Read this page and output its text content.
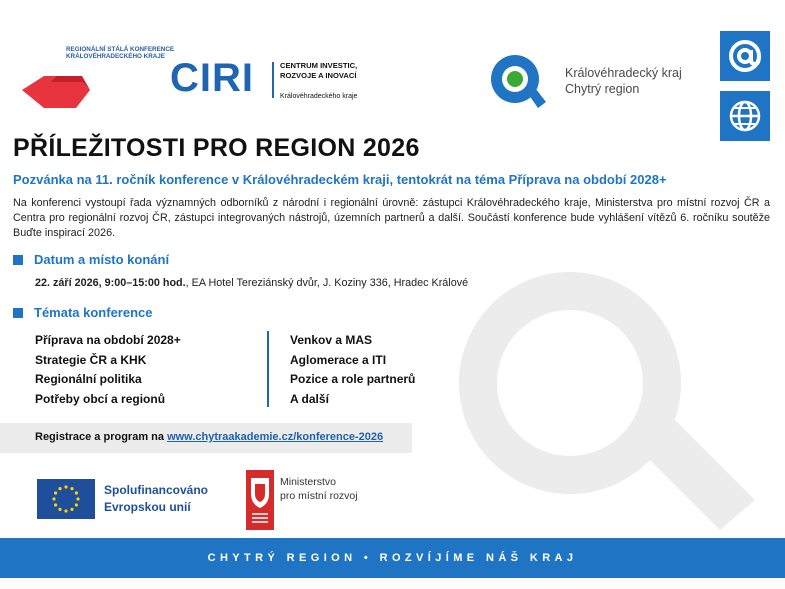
REGIONÁLNÍ STÁLÁ KONFERENCE KRÁLOVÉHRADECKÉHO KRAJE CIRI	CENTRUM INVESTIC, ROZVOJE A INOVACÍ
Královéhradeckého kraje
Královéhradecký kraj
Chytrý region
PŘÍLEŽITOSTI PRO REGION 2026
Pozvánka na 11. ročník konference v Královéhradeckém kraji, tentokrát na téma Příprava na období 2028+

Na konferenci vystoupí řada významných odborníků z národní i regionální úrovně: zástupci Královéhradeckého kraje, Ministerstva pro místní rozvoj ČR a Centra pro regionální rozvoj ČR, zástupci integrovaných nástrojů, územních partnerů a další. Součástí konference bude vyhlášení vítězů 6. ročníku soutěže Buďte inspirací 2026.

Datum a místo konání
22. září 2026, 9:00–15:00 hod., EA Hotel Tereziánský dvůr, J. Koziny 336, Hradec Králové
Témata konference
Příprava na období 2028+
Strategie ČR a KHK
Regionální politika
Potřeby obcí a regionů
Venkov a MAS
Aglomerace a ITI
Pozice a role partnerů
A další
Registrace a program na www.chytraakademie.cz/konference-2026
Spolufinancováno
Evropskou unií
Ministerstvo
pro místní rozvoj
CHYTRÝ REGION • ROZVÍJÍME NÁŠ KRAJ
